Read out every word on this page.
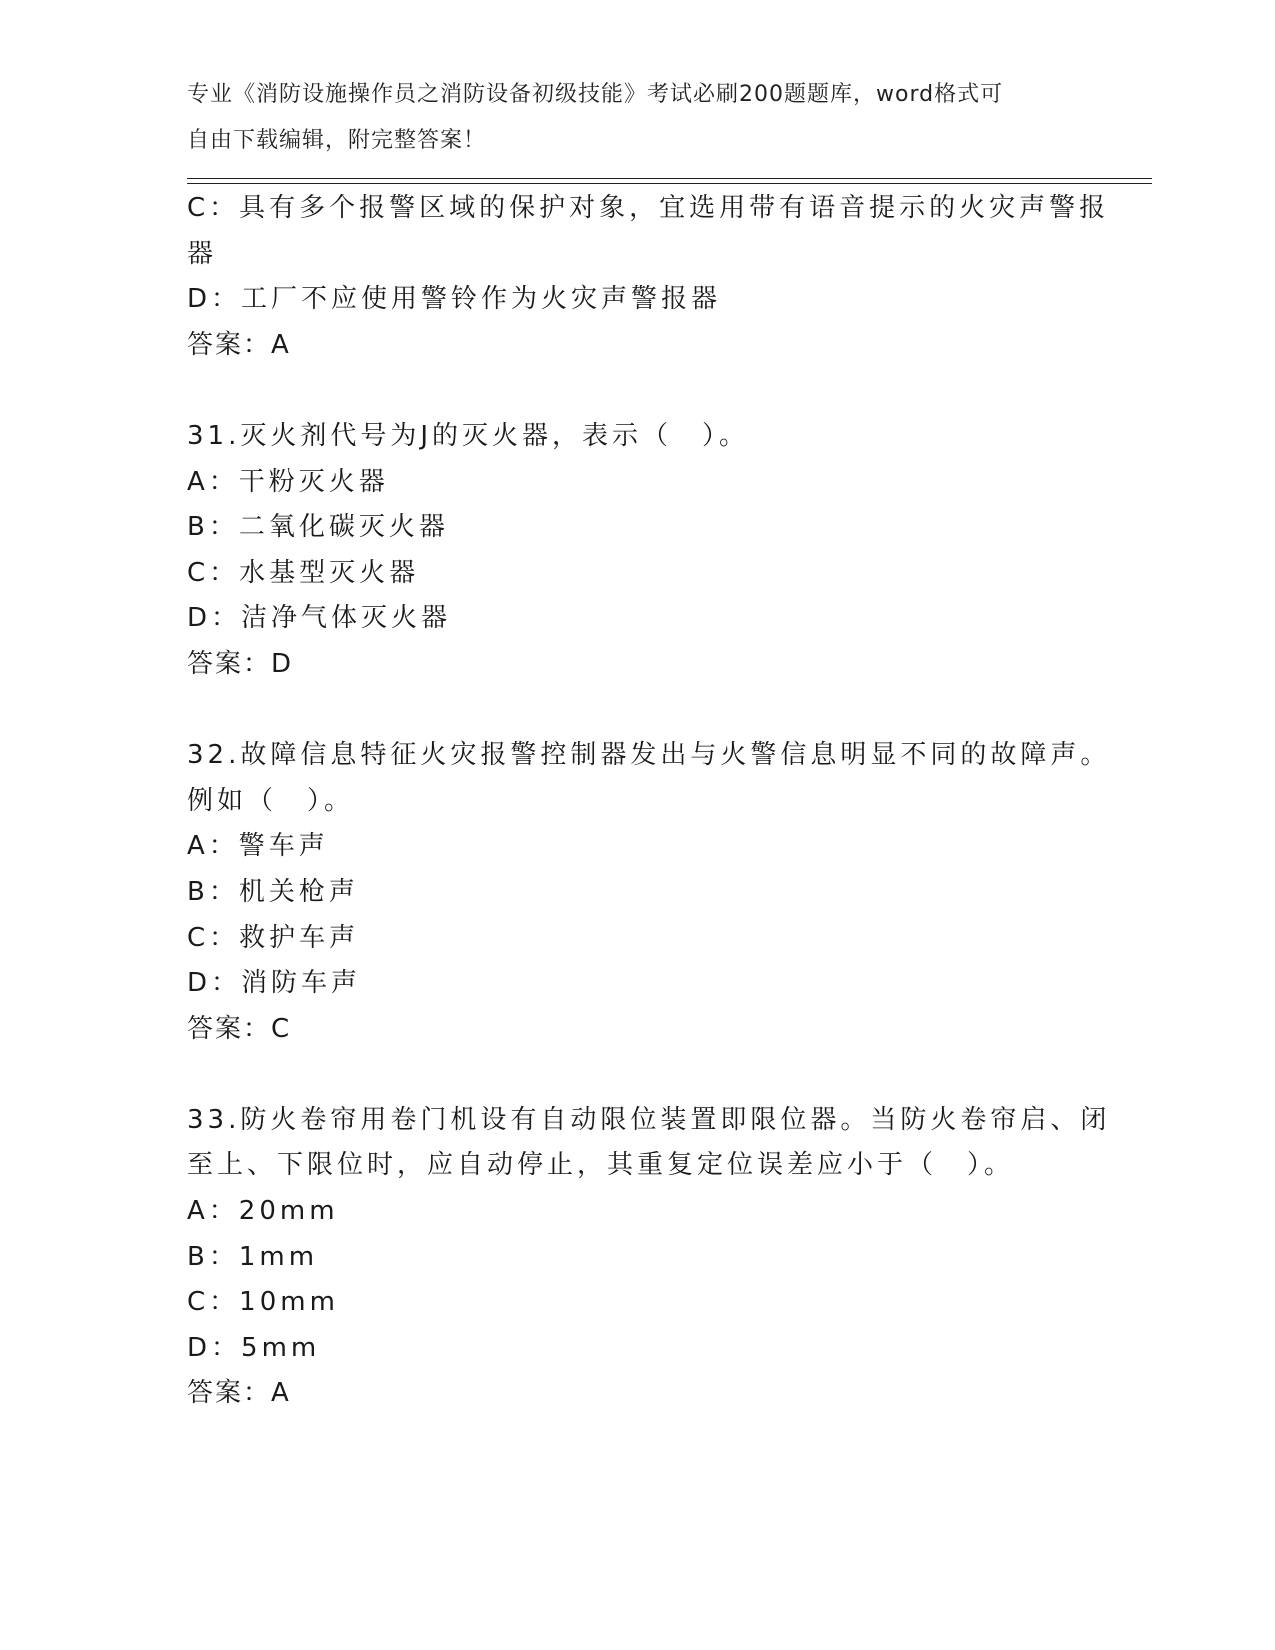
专业《消防设施操作员之消防设备初级技能》考试必刷200题题库，word格式可
自由下载编辑，附完整答案！
C：具有多个报警区域的保护对象，宜选用带有语音提示的火灾声警报
器
D：工厂不应使用警铃作为火灾声警报器
答案：A
31.灭火剂代号为J的灭火器，表示（　）。
A：干粉灭火器
B：二氧化碳灭火器
C：水基型灭火器
D：洁净气体灭火器
答案：D
32.故障信息特征火灾报警控制器发出与火警信息明显不同的故障声。
例如（　）。
A：警车声
B：机关枪声
C：救护车声
D：消防车声
答案：C
33.防火卷帘用卷门机设有自动限位装置即限位器。当防火卷帘启、闭
至上、下限位时，应自动停止，其重复定位误差应小于（　）。
A：20mm
B：1mm
C：10mm
D：5mm
答案：A
